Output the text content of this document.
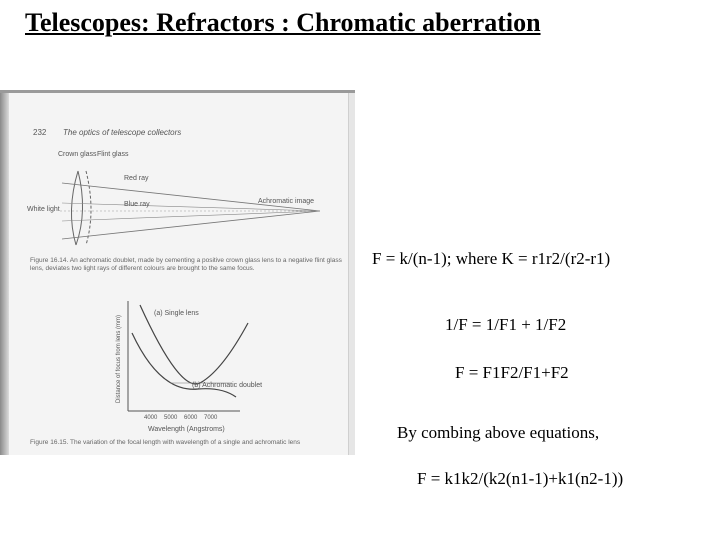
Telescopes: Refractors : Chromatic aberration
232 The optics of telescope collectors
Crown glass Flint glass
Red ray
Blue ray
White light
Achromatic image
Figure 16.14. An achromatic doublet, made by cementing a positive crown glass lens to a negative flint glass lens, deviates two light rays of different colours are brought to the same focus.
(a) Single lens
(b) Achromatic doublet
Distance of focus from lens (mm)
4000 5000 6000 7000
Wavelength (Angstroms)
Figure 16.15. The variation of the focal length with wavelength of a single and achromatic lens
F = k/(n-1); where K = r1r2/(r2-r1)
1/F = 1/F1 + 1/F2
F = F1F2/F1+F2
By combing above equations,
F = k1k2/(k2(n1-1)+k1(n2-1))
